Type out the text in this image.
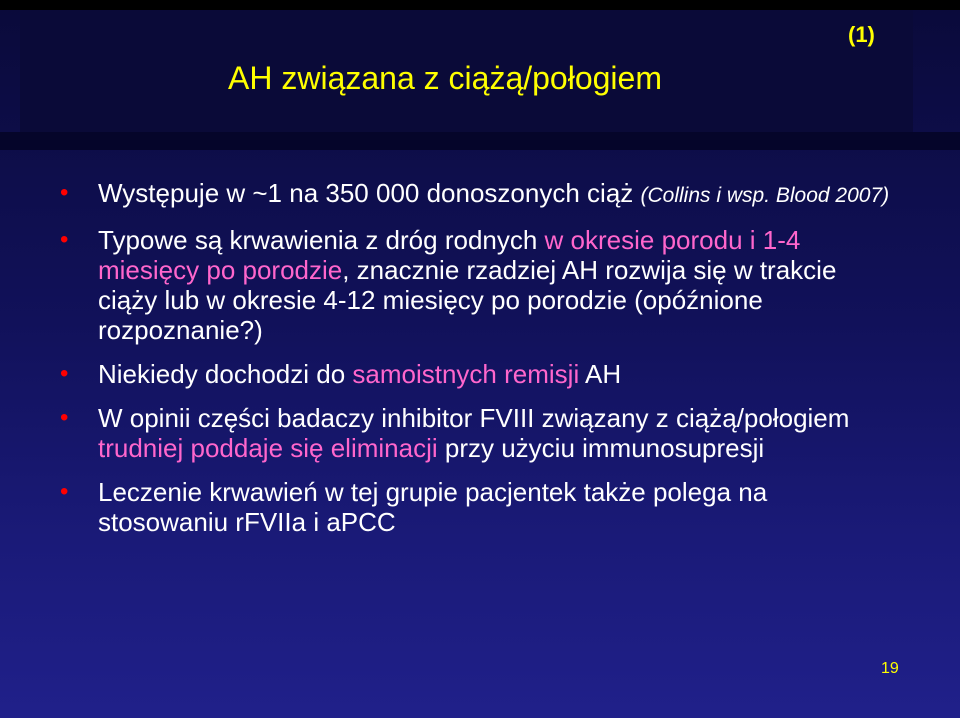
(1)
AH związana z ciążą/połogiem
• Występuje w ~1 na 350 000 donoszonych ciąż (Collins i wsp. Blood 2007)
• Typowe są krwawienia z dróg rodnych w okresie porodu i 1-4 miesięcy po porodzie, znacznie rzadziej AH rozwija się w trakcie ciąży lub w okresie 4-12 miesięcy po porodzie (opóźnione rozpoznanie?)
• Niekiedy dochodzi do samoistnych remisji AH
• W opinii części badaczy inhibitor FVIII związany z ciążą/połogiem trudniej poddaje się eliminacji przy użyciu immunosupresji
• Leczenie krwawień w tej grupie pacjentek także polega na stosowaniu rFVIIa i aPCC
19
